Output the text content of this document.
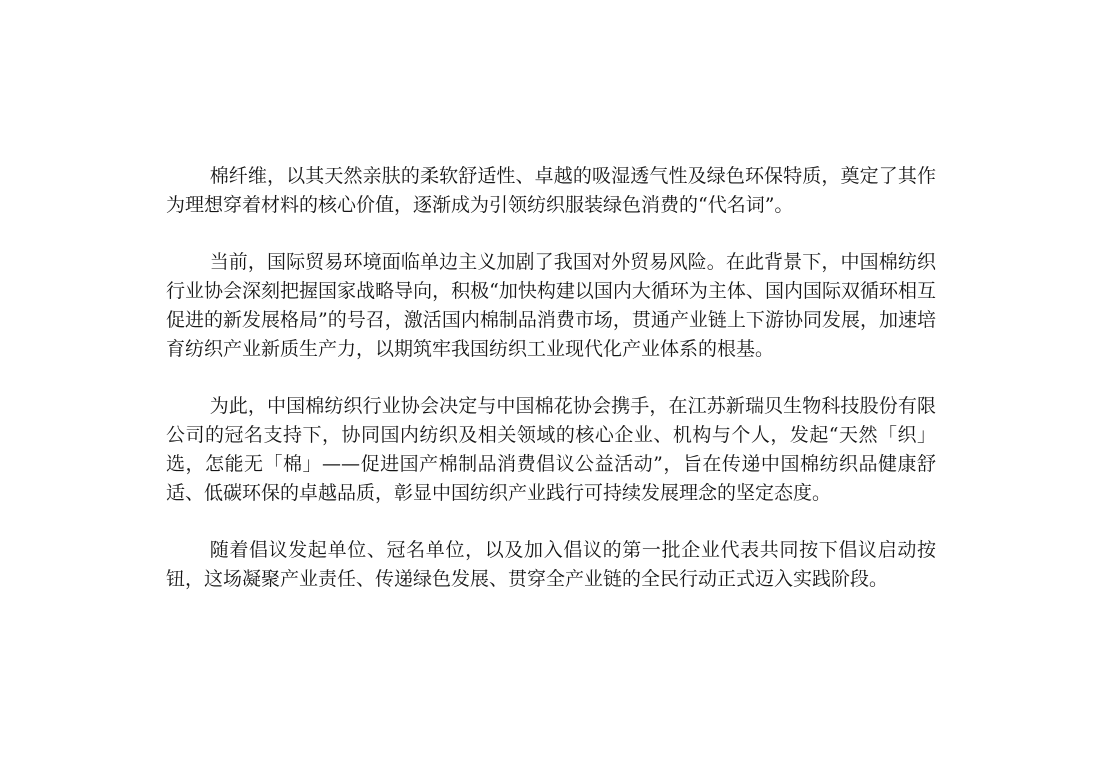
棉纤维，以其天然亲肤的柔软舒适性、卓越的吸湿透气性及绿色环保特质，奠定了其作为理想穿着材料的核心价值，逐渐成为引领纺织服装绿色消费的“代名词”。

当前，国际贸易环境面临单边主义加剧了我国对外贸易风险。在此背景下，中国棉纺织行业协会深刻把握国家战略导向，积极“加快构建以国内大循环为主体、国内国际双循环相互促进的新发展格局”的号召，激活国内棉制品消费市场，贯通产业链上下游协同发展，加速培育纺织产业新质生产力，以期筑牢我国纺织工业现代化产业体系的根基。

为此，中国棉纺织行业协会决定与中国棉花协会携手，在江苏新瑞贝生物科技股份有限公司的冠名支持下，协同国内纺织及相关领域的核心企业、机构与个人，发起“天然「织」选，怎能无「棉」——促进国产棉制品消费倡议公益活动”，旨在传递中国棉纺织品健康舒适、低碳环保的卓越品质，彰显中国纺织产业践行可持续发展理念的坚定态度。

随着倡议发起单位、冠名单位，以及加入倡议的第一批企业代表共同按下倡议启动按钮，这场凝聚产业责任、传递绿色发展、贯穿全产业链的全民行动正式迈入实践阶段。
